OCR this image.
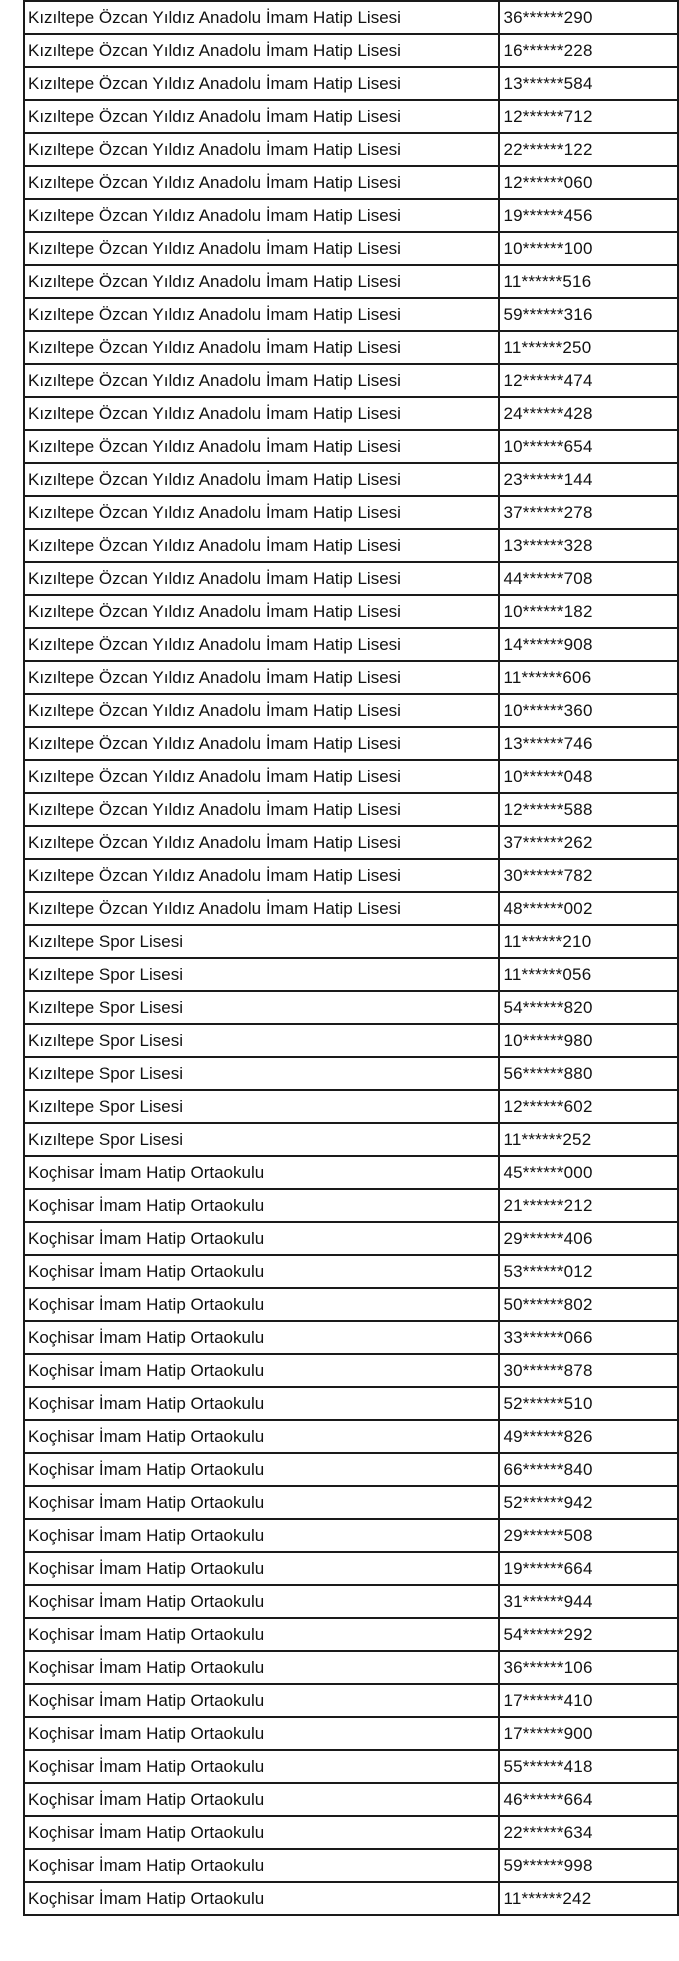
Kızıltepe Özcan Yıldız Anadolu İmam Hatip Lisesi	36******290
Kızıltepe Özcan Yıldız Anadolu İmam Hatip Lisesi	16******228
Kızıltepe Özcan Yıldız Anadolu İmam Hatip Lisesi	13******584
Kızıltepe Özcan Yıldız Anadolu İmam Hatip Lisesi	12******712
Kızıltepe Özcan Yıldız Anadolu İmam Hatip Lisesi	22******122
Kızıltepe Özcan Yıldız Anadolu İmam Hatip Lisesi	12******060
Kızıltepe Özcan Yıldız Anadolu İmam Hatip Lisesi	19******456
Kızıltepe Özcan Yıldız Anadolu İmam Hatip Lisesi	10******100
Kızıltepe Özcan Yıldız Anadolu İmam Hatip Lisesi	11******516
Kızıltepe Özcan Yıldız Anadolu İmam Hatip Lisesi	59******316
Kızıltepe Özcan Yıldız Anadolu İmam Hatip Lisesi	11******250
Kızıltepe Özcan Yıldız Anadolu İmam Hatip Lisesi	12******474
Kızıltepe Özcan Yıldız Anadolu İmam Hatip Lisesi	24******428
Kızıltepe Özcan Yıldız Anadolu İmam Hatip Lisesi	10******654
Kızıltepe Özcan Yıldız Anadolu İmam Hatip Lisesi	23******144
Kızıltepe Özcan Yıldız Anadolu İmam Hatip Lisesi	37******278
Kızıltepe Özcan Yıldız Anadolu İmam Hatip Lisesi	13******328
Kızıltepe Özcan Yıldız Anadolu İmam Hatip Lisesi	44******708
Kızıltepe Özcan Yıldız Anadolu İmam Hatip Lisesi	10******182
Kızıltepe Özcan Yıldız Anadolu İmam Hatip Lisesi	14******908
Kızıltepe Özcan Yıldız Anadolu İmam Hatip Lisesi	11******606
Kızıltepe Özcan Yıldız Anadolu İmam Hatip Lisesi	10******360
Kızıltepe Özcan Yıldız Anadolu İmam Hatip Lisesi	13******746
Kızıltepe Özcan Yıldız Anadolu İmam Hatip Lisesi	10******048
Kızıltepe Özcan Yıldız Anadolu İmam Hatip Lisesi	12******588
Kızıltepe Özcan Yıldız Anadolu İmam Hatip Lisesi	37******262
Kızıltepe Özcan Yıldız Anadolu İmam Hatip Lisesi	30******782
Kızıltepe Özcan Yıldız Anadolu İmam Hatip Lisesi	48******002
Kızıltepe Spor Lisesi	11******210
Kızıltepe Spor Lisesi	11******056
Kızıltepe Spor Lisesi	54******820
Kızıltepe Spor Lisesi	10******980
Kızıltepe Spor Lisesi	56******880
Kızıltepe Spor Lisesi	12******602
Kızıltepe Spor Lisesi	11******252
Koçhisar İmam Hatip Ortaokulu	45******000
Koçhisar İmam Hatip Ortaokulu	21******212
Koçhisar İmam Hatip Ortaokulu	29******406
Koçhisar İmam Hatip Ortaokulu	53******012
Koçhisar İmam Hatip Ortaokulu	50******802
Koçhisar İmam Hatip Ortaokulu	33******066
Koçhisar İmam Hatip Ortaokulu	30******878
Koçhisar İmam Hatip Ortaokulu	52******510
Koçhisar İmam Hatip Ortaokulu	49******826
Koçhisar İmam Hatip Ortaokulu	66******840
Koçhisar İmam Hatip Ortaokulu	52******942
Koçhisar İmam Hatip Ortaokulu	29******508
Koçhisar İmam Hatip Ortaokulu	19******664
Koçhisar İmam Hatip Ortaokulu	31******944
Koçhisar İmam Hatip Ortaokulu	54******292
Koçhisar İmam Hatip Ortaokulu	36******106
Koçhisar İmam Hatip Ortaokulu	17******410
Koçhisar İmam Hatip Ortaokulu	17******900
Koçhisar İmam Hatip Ortaokulu	55******418
Koçhisar İmam Hatip Ortaokulu	46******664
Koçhisar İmam Hatip Ortaokulu	22******634
Koçhisar İmam Hatip Ortaokulu	59******998
Koçhisar İmam Hatip Ortaokulu	11******242
